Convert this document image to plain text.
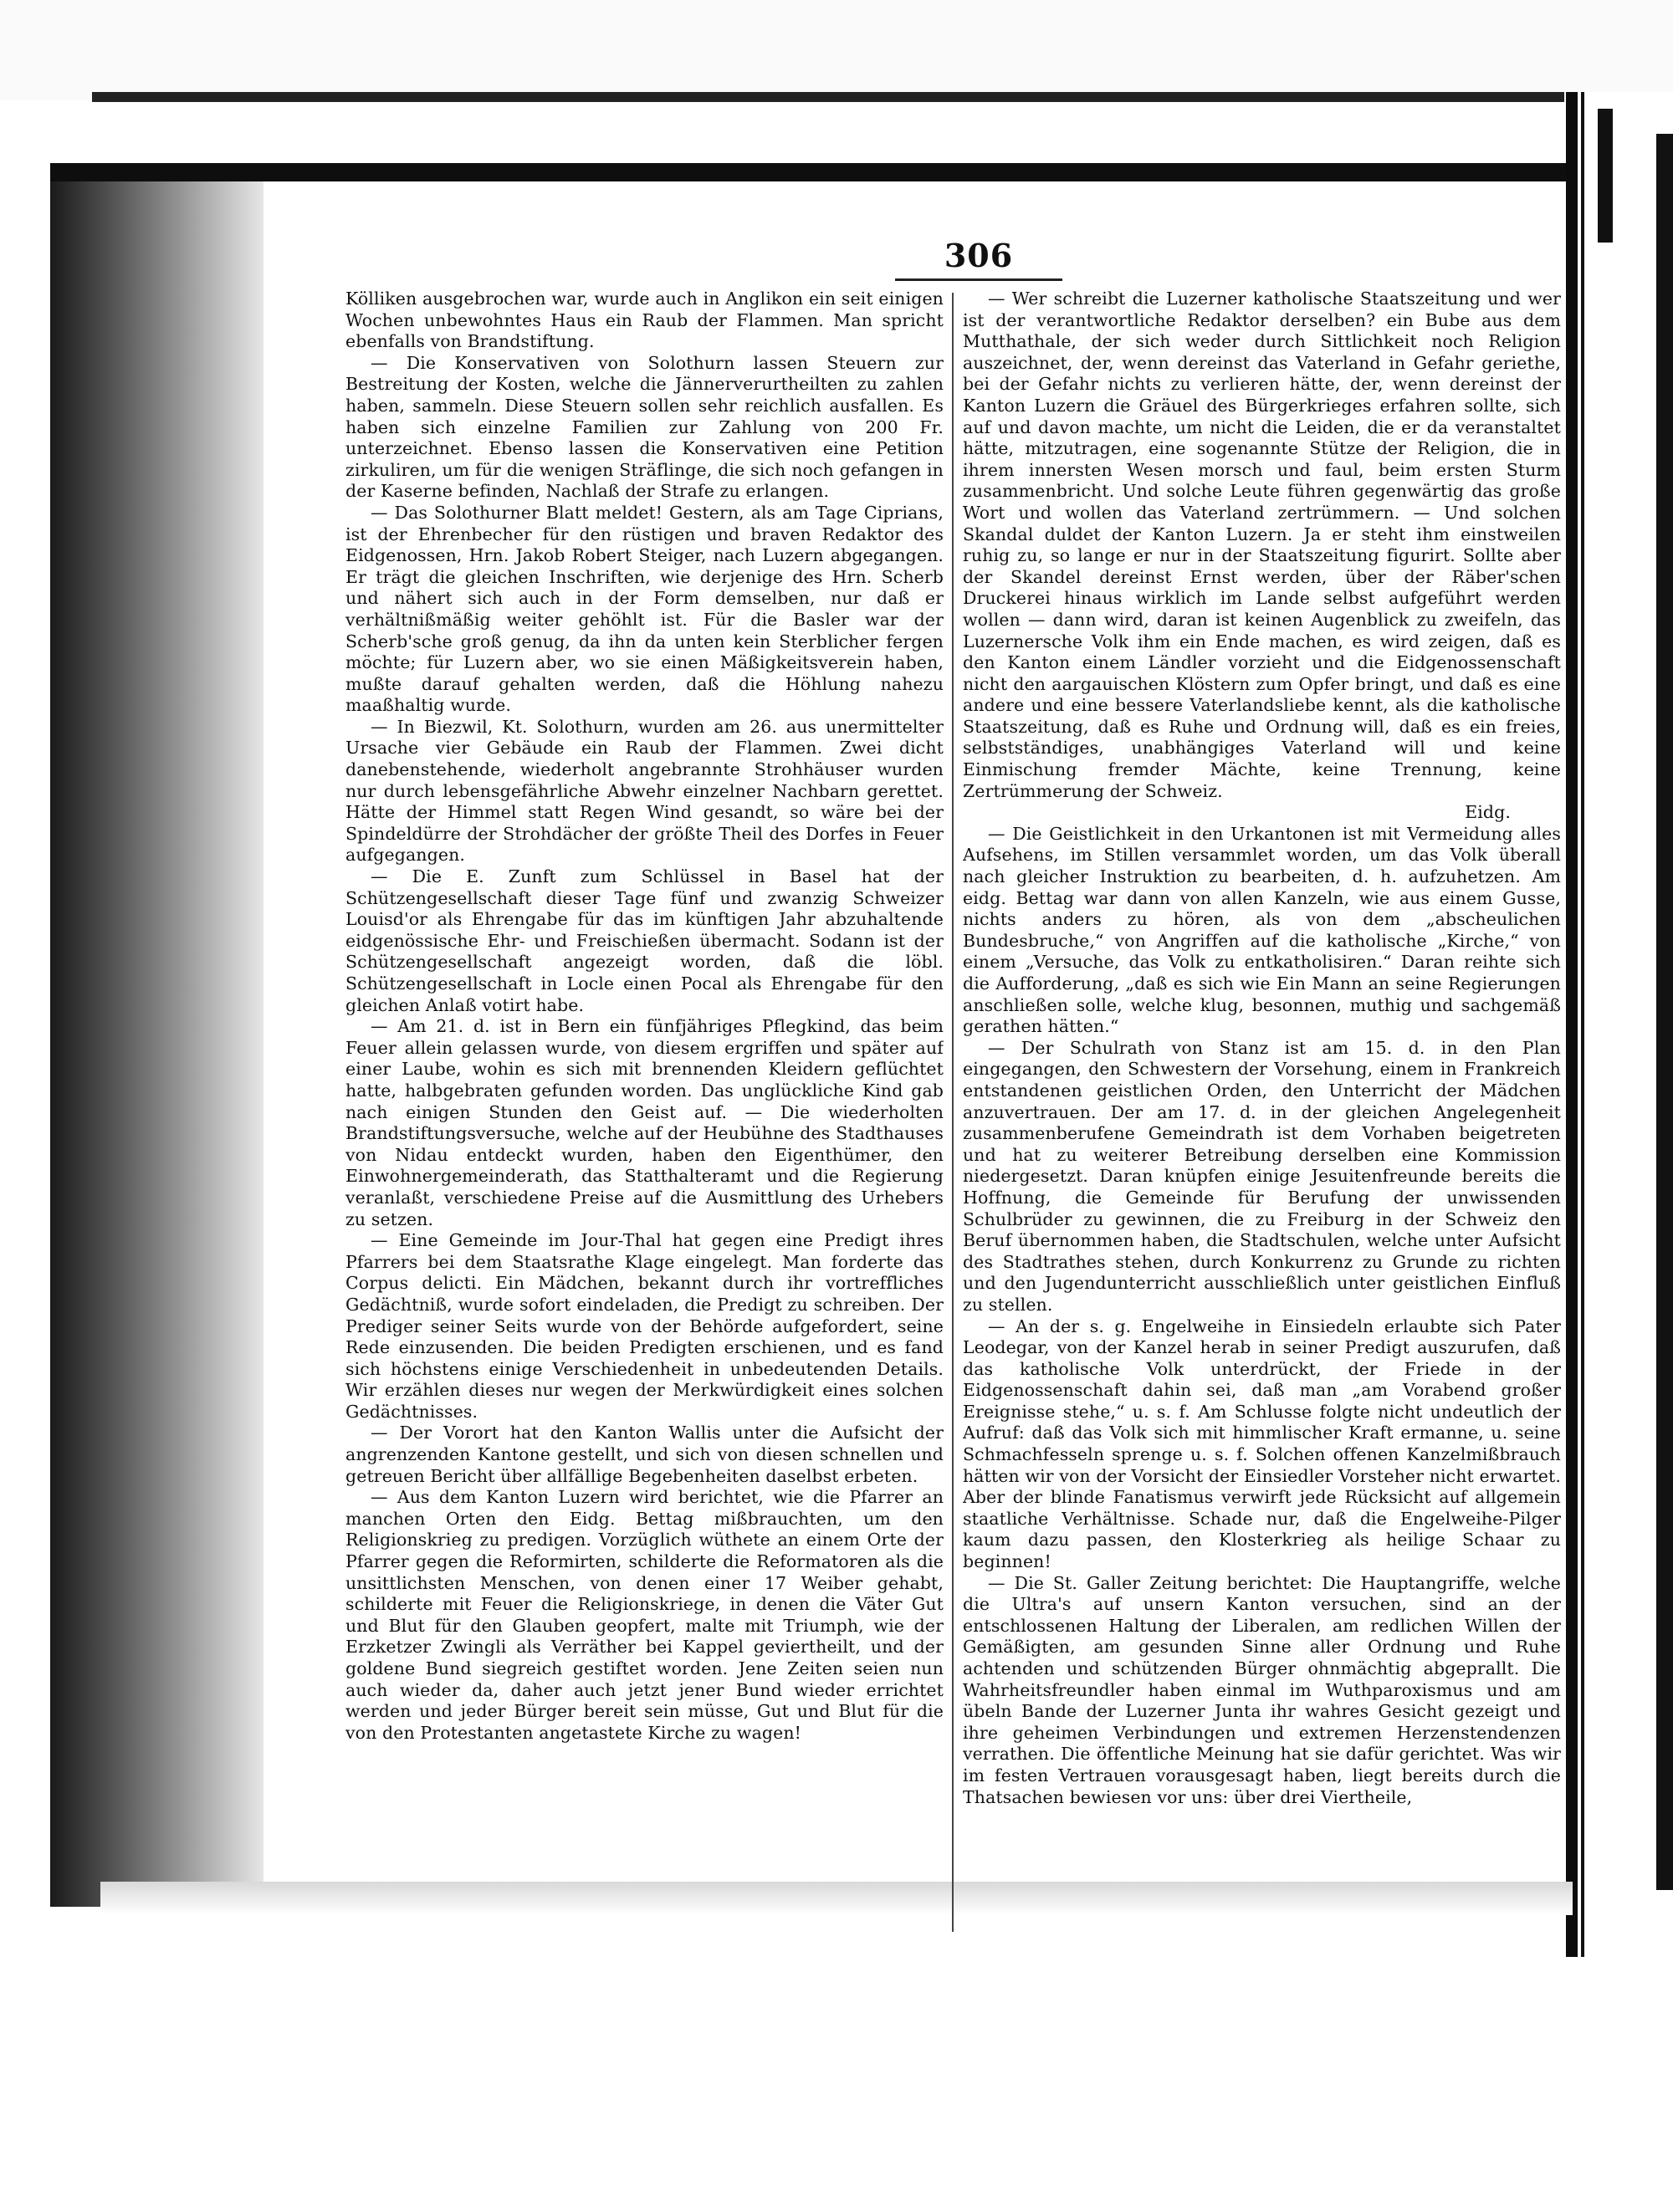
306

Kölliken ausgebrochen war, wurde auch in Anglikon ein seit einigen Wochen unbewohntes Haus ein Raub der Flammen. Man spricht ebenfalls von Brandstiftung.

— Die Konservativen von Solothurn lassen Steuern zur Bestreitung der Kosten, welche die Jännerverurtheilten zu zahlen haben, sammeln. Diese Steuern sollen sehr reichlich ausfallen. Es haben sich einzelne Familien zur Zahlung von 200 Fr. unterzeichnet. Ebenso lassen die Konservativen eine Petition zirkuliren, um für die wenigen Sträflinge, die sich noch gefangen in der Kaserne befinden, Nachlaß der Strafe zu erlangen.

— Das Solothurner Blatt meldet! Gestern, als am Tage Ciprians, ist der Ehrenbecher für den rüstigen und braven Redaktor des Eidgenossen, Hrn. Jakob Robert Steiger, nach Luzern abgegangen. Er trägt die gleichen Inschriften, wie derjenige des Hrn. Scherb und nähert sich auch in der Form demselben, nur daß er verhältnißmäßig weiter gehöhlt ist. Für die Basler war der Scherb'sche groß genug, da ihn da unten kein Sterblicher fergen möchte; für Luzern aber, wo sie einen Mäßigkeitsverein haben, mußte darauf gehalten werden, daß die Höhlung nahezu maaßhaltig wurde.

— In Biezwil, Kt. Solothurn, wurden am 26. aus unermittelter Ursache vier Gebäude ein Raub der Flammen. Zwei dicht danebenstehende, wiederholt angebrannte Strohhäuser wurden nur durch lebensgefährliche Abwehr einzelner Nachbarn gerettet. Hätte der Himmel statt Regen Wind gesandt, so wäre bei der Spindeldürre der Strohdächer der größte Theil des Dorfes in Feuer aufgegangen.

— Die E. Zunft zum Schlüssel in Basel hat der Schützengesellschaft dieser Tage fünf und zwanzig Schweizer Louisd'or als Ehrengabe für das im künftigen Jahr abzuhaltende eidgenössische Ehr- und Freischießen übermacht. Sodann ist der Schützengesellschaft angezeigt worden, daß die löbl. Schützengesellschaft in Locle einen Pocal als Ehrengabe für den gleichen Anlaß votirt habe.

— Am 21. d. ist in Bern ein fünfjähriges Pflegkind, das beim Feuer allein gelassen wurde, von diesem ergriffen und später auf einer Laube, wohin es sich mit brennenden Kleidern geflüchtet hatte, halbgebraten gefunden worden. Das unglückliche Kind gab nach einigen Stunden den Geist auf. — Die wiederholten Brandstiftungsversuche, welche auf der Heubühne des Stadthauses von Nidau entdeckt wurden, haben den Eigenthümer, den Einwohnergemeinderath, das Statthalteramt und die Regierung veranlaßt, verschiedene Preise auf die Ausmittlung des Urhebers zu setzen.

— Eine Gemeinde im Jour-Thal hat gegen eine Predigt ihres Pfarrers bei dem Staatsrathe Klage eingelegt. Man forderte das Corpus delicti. Ein Mädchen, bekannt durch ihr vortreffliches Gedächtniß, wurde sofort eindeladen, die Predigt zu schreiben. Der Prediger seiner Seits wurde von der Behörde aufgefordert, seine Rede einzusenden. Die beiden Predigten erschienen, und es fand sich höchstens einige Verschiedenheit in unbedeutenden Details. Wir erzählen dieses nur wegen der Merkwürdigkeit eines solchen Gedächtnisses.

— Der Vorort hat den Kanton Wallis unter die Aufsicht der angrenzenden Kantone gestellt, und sich von diesen schnellen und getreuen Bericht über allfällige Begebenheiten daselbst erbeten.

— Aus dem Kanton Luzern wird berichtet, wie die Pfarrer an manchen Orten den Eidg. Bettag mißbrauchten, um den Religionskrieg zu predigen. Vorzüglich wüthete an einem Orte der Pfarrer gegen die Reformirten, schilderte die Reformatoren als die unsittlichsten Menschen, von denen einer 17 Weiber gehabt, schilderte mit Feuer die Religionskriege, in denen die Väter Gut und Blut für den Glauben geopfert, malte mit Triumph, wie der Erzketzer Zwingli als Verräther bei Kappel geviertheilt, und der goldene Bund siegreich gestiftet worden. Jene Zeiten seien nun auch wieder da, daher auch jetzt jener Bund wieder errichtet werden und jeder Bürger bereit sein müsse, Gut und Blut für die von den Protestanten angetastete Kirche zu wagen!

— Wer schreibt die Luzerner katholische Staatszeitung und wer ist der verantwortliche Redaktor derselben? ein Bube aus dem Mutthathale, der sich weder durch Sittlichkeit noch Religion auszeichnet, der, wenn dereinst das Vaterland in Gefahr geriethe, bei der Gefahr nichts zu verlieren hätte, der, wenn dereinst der Kanton Luzern die Gräuel des Bürgerkrieges erfahren sollte, sich auf und davon machte, um nicht die Leiden, die er da veranstaltet hätte, mitzutragen, eine sogenannte Stütze der Religion, die in ihrem innersten Wesen morsch und faul, beim ersten Sturm zusammenbricht. Und solche Leute führen gegenwärtig das große Wort und wollen das Vaterland zertrümmern. — Und solchen Skandal duldet der Kanton Luzern. Ja er steht ihm einstweilen ruhig zu, so lange er nur in der Staatszeitung figurirt. Sollte aber der Skandel dereinst Ernst werden, über der Räber'schen Druckerei hinaus wirklich im Lande selbst aufgeführt werden wollen — dann wird, daran ist keinen Augenblick zu zweifeln, das Luzernersche Volk ihm ein Ende machen, es wird zeigen, daß es den Kanton einem Ländler vorzieht und die Eidgenossenschaft nicht den aargauischen Klöstern zum Opfer bringt, und daß es eine andere und eine bessere Vaterlandsliebe kennt, als die katholische Staatszeitung, daß es Ruhe und Ordnung will, daß es ein freies, selbstständiges, unabhängiges Vaterland will und keine Einmischung fremder Mächte, keine Trennung, keine Zertrümmerung der Schweiz.

Eidg.

— Die Geistlichkeit in den Urkantonen ist mit Vermeidung alles Aufsehens, im Stillen versammlet worden, um das Volk überall nach gleicher Instruktion zu bearbeiten, d. h. aufzuhetzen. Am eidg. Bettag war dann von allen Kanzeln, wie aus einem Gusse, nichts anders zu hören, als von dem „abscheulichen Bundesbruche,“ von Angriffen auf die katholische „Kirche,“ von einem „Versuche, das Volk zu entkatholisiren.“ Daran reihte sich die Aufforderung, „daß es sich wie Ein Mann an seine Regierungen anschließen solle, welche klug, besonnen, muthig und sachgemäß gerathen hätten.“

— Der Schulrath von Stanz ist am 15. d. in den Plan eingegangen, den Schwestern der Vorsehung, einem in Frankreich entstandenen geistlichen Orden, den Unterricht der Mädchen anzuvertrauen. Der am 17. d. in der gleichen Angelegenheit zusammenberufene Gemeindrath ist dem Vorhaben beigetreten und hat zu weiterer Betreibung derselben eine Kommission niedergesetzt. Daran knüpfen einige Jesuitenfreunde bereits die Hoffnung, die Gemeinde für Berufung der unwissenden Schulbrüder zu gewinnen, die zu Freiburg in der Schweiz den Beruf übernommen haben, die Stadtschulen, welche unter Aufsicht des Stadtrathes stehen, durch Konkurrenz zu Grunde zu richten und den Jugendunterricht ausschließlich unter geistlichen Einfluß zu stellen.

— An der s. g. Engelweihe in Einsiedeln erlaubte sich Pater Leodegar, von der Kanzel herab in seiner Predigt auszurufen, daß das katholische Volk unterdrückt, der Friede in der Eidgenossenschaft dahin sei, daß man „am Vorabend großer Ereignisse stehe,“ u. s. f. Am Schlusse folgte nicht undeutlich der Aufruf: daß das Volk sich mit himmlischer Kraft ermanne, u. seine Schmachfesseln sprenge u. s. f. Solchen offenen Kanzelmißbrauch hätten wir von der Vorsicht der Einsiedler Vorsteher nicht erwartet. Aber der blinde Fanatismus verwirft jede Rücksicht auf allgemein staatliche Verhältnisse. Schade nur, daß die Engelweihe-Pilger kaum dazu passen, den Klosterkrieg als heilige Schaar zu beginnen!

— Die St. Galler Zeitung berichtet: Die Hauptangriffe, welche die Ultra's auf unsern Kanton versuchen, sind an der entschlossenen Haltung der Liberalen, am redlichen Willen der Gemäßigten, am gesunden Sinne aller Ordnung und Ruhe achtenden und schützenden Bürger ohnmächtig abgeprallt. Die Wahrheitsfreundler haben einmal im Wuthparoxismus und am übeln Bande der Luzerner Junta ihr wahres Gesicht gezeigt und ihre geheimen Verbindungen und extremen Herzenstendenzen verrathen. Die öffentliche Meinung hat sie dafür gerichtet. Was wir im festen Vertrauen vorausgesagt haben, liegt bereits durch die Thatsachen bewiesen vor uns: über drei Viertheile,
